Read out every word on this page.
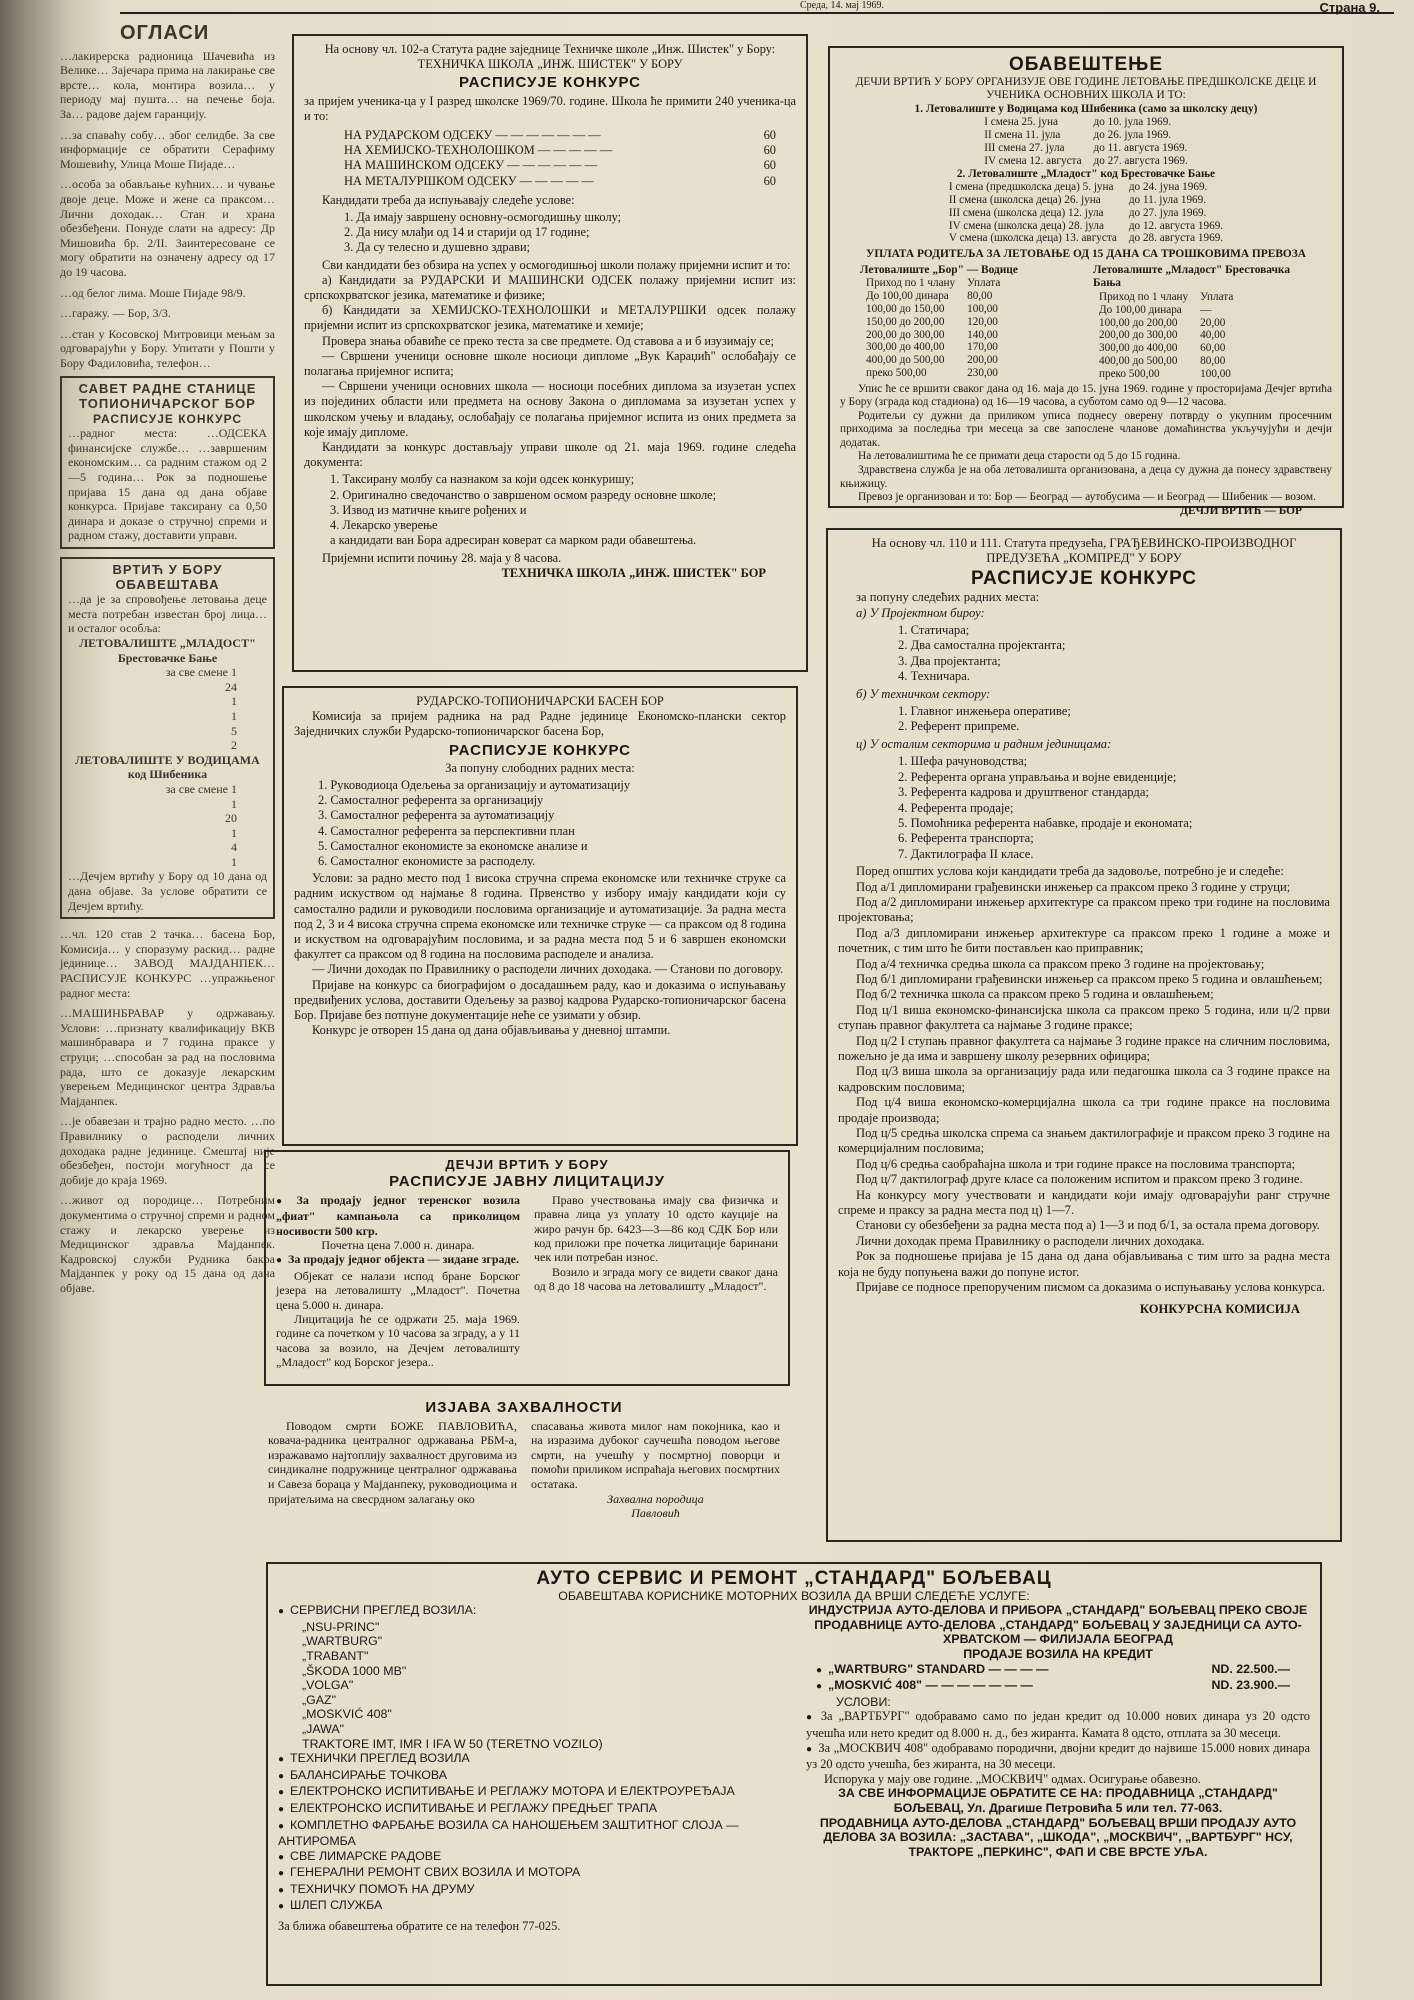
Среда, 14. мај 1969.	Страна 9.
ОГЛАСИ
…лакирерска радионица Шачевића из Велике… Зајечара прима на лакирање све врсте… кола, монтира возила… у периоду мај пушта… на печење боја. За… радове дајем гаранцију.
…за спаваћу собу… због селидбе. За све информације се обратити Серафиму Мошевићу, Улица Моше Пијаде…
…особа за обављање кућних… и чување двоје деце. Може и жене са праксом… Лични доходак… Стан и храна обезбеђени. Понуде слати на адресу: Др Мишовића бр. 2/II. Заинтересоване се могу обратити на означену адресу од 17 до 19 часова.
…од белог лима. Моше Пијаде 98/9.
…гаражу. — Бор, 3/3.
…стан у Косовској Митровици мењам за одговарајући у Бору. Упитати у Пошти у Бору Фадиловића, телефон…
САВЕТ РАДНЕ СТАНИЦЕ ТОПИОНИЧАРСКОГ БОР
РАСПИСУЈЕ КОНКУРС
…радног места: …ОДСЕКА финансијске службе… …завршеним економским… са радним стажом од 2—5 година… Рок за подношење пријава 15 дана од дана објаве конкурса. Пријаве таксирану са 0,50 динара и доказе о стручној спреми и радном стажу, доставити управи.
ВРТИЋ У БОРУ ОБАВЕШТАВА
…да је за спровођење летовања деце места потребан известан број лица… и осталог особља:
ЛЕТОВАЛИШТЕ „МЛАДОСТ" Брестовачке Бање
за све смене 1
24
1
1
5
2
ЛЕТОВАЛИШТЕ У ВОДИЦАМА код Шибеника
за све смене 1
1
20
1
4
1
…Дечјем вртићу у Бору од 10 дана од дана објаве. За услове обратити се Дечјем вртићу.
…чл. 120 став 2 тачка… басена Бор, Комисија… у споразуму раскид… радне јединице… ЗАВОД МАЈДАНПЕК… РАСПИСУЈЕ КОНКУРС …упражњеног радног места:
…МАШИНБРАВАР у одржавању. Услови: …признату квалификацију ВКВ машинбравара и 7 година праксе у струци; …способан за рад на пословима рада, што се доказује лекарским уверењем Медицинског центра Здравља Мајданпек.
…је обавезан и трајно радно место. …по Правилнику о расподели личних доходака радне јединице. Смештај није обезбеђен, постоји могућност да се добије до краја 1969.
…живот од породице… Потребним документима о стручној спреми и радном стажу и лекарско уверење из Медицинског здравља Мајданпек. Кадровској служби Рудника бакра Мајданпек у року од 15 дана од дана објаве.
На основу чл. 102-а Статута радне заједнице Техничке школе „Инж. Шистек" у Бору:
ТЕХНИЧКА ШКОЛА „ИНЖ. ШИСТЕК" У БОРУ
РАСПИСУЈЕ КОНКУРС
за пријем ученика-ца у I разред школске 1969/70. године. Школа ће примити 240 ученика-ца и то:
НА РУДАРСКОМ ОДСЕКУ — — — — — — —	60
НА ХЕМИЈСКО-ТЕХНОЛОШКОМ — — — — —	60
НА МАШИНСКОМ ОДСЕКУ — — — — — —	60
НА МЕТАЛУРШКОМ ОДСЕКУ — — — — —	60
Кандидати треба да испуњавају следеће услове:
1. Да имају завршену основну-осмогодишњу школу;
2. Да нису млађи од 14 и старији од 17 године;
3. Да су телесно и душевно здрави;
Сви кандидати без обзира на успех у осмогодишњој школи полажу пријемни испит и то:
а) Кандидати за РУДАРСКИ И МАШИНСКИ ОДСЕК полажу пријемни испит из: српскохрватског језика, математике и физике;
б) Кандидати за ХЕМИЈСКО-ТЕХНОЛОШКИ и МЕТАЛУРШКИ одсек полажу пријемни испит из српскохрватског језика, математике и хемије;
Провера знања обавиће се преко теста за све предмете. Од ставова а и б изузимају се;
— Свршени ученици основне школе носиоци дипломе „Вук Караџић" ослобађају се полагања пријемног испита;
— Свршени ученици основних школа — носиоци посебних диплома за изузетан успех из појединих области или предмета на основу Закона о дипломама за изузетан успех у школском учењу и владању, ослобађају се полагања пријемног испита из оних предмета за које имају дипломе.
Кандидати за конкурс достављају управи школе од 21. маја 1969. године следећа документа:
1. Таксирану молбу са назнаком за који одсек конкуришу;
2. Оригинално сведочанство о завршеном осмом разреду основне школе;
3. Извод из матичне књиге рођених и
4. Лекарско уверење
а кандидати ван Бора адресиран коверат са марком ради обавештења.
Пријемни испити почињу 28. маја у 8 часова.
ТЕХНИЧКА ШКОЛА „ИНЖ. ШИСТЕК" БОР
ОБАВЕШТЕЊЕ
ДЕЧЈИ ВРТИЋ У БОРУ ОРГАНИЗУЈЕ ОВЕ ГОДИНЕ ЛЕТОВАЊЕ ПРЕДШКОЛСКЕ ДЕЦЕ И УЧЕНИКА ОСНОВНИХ ШКОЛА И ТО:
1. Летовалиште у Водицама код Шибеника (само за школску децу)
I смена 25. јуна	до 10. јула 1969.
II смена 11. јула	до 26. јула 1969.
III смена 27. јула	до 11. августа 1969.
IV смена 12. августа	до 27. августа 1969.
2. Летовалиште „Младост" код Брестовачке Бање
I смена (предшколска деца) 5. јуна	до 24. јуна 1969.
II смена (школска деца) 26. јуна	до 11. јула 1969.
III смена (школска деца) 12. јула	до 27. јула 1969.
IV смена (школска деца) 28. јула	до 12. августа 1969.
V смена (школска деца) 13. августа	до 28. августа 1969.
УПЛАТА РОДИТЕЉА ЗА ЛЕТОВАЊЕ ОД 15 ДАНА СА ТРОШКОВИМА ПРЕВОЗА
Летовалиште „Бор" — Водице
Приход по 1 члану	Уплата
До 100,00 динара	80,00
100,00 до 150,00	100,00
150,00 до 200,00	120,00
200,00 до 300,00	140,00
300,00 до 400,00	170,00
400,00 до 500,00	200,00
преко 500,00	230,00
Летовалиште „Младост" Брестовачка Бања
Приход по 1 члану	Уплата
До 100,00 динара	—
100,00 до 200,00	20,00
200,00 до 300,00	40,00
300,00 до 400,00	60,00
400,00 до 500,00	80,00
преко 500,00	100,00
Упис ће се вршити сваког дана од 16. маја до 15. јуна 1969. године у просторијама Дечјег вртића у Бору (зграда код стадиона) од 16—19 часова, а суботом само од 9—12 часова.
Родитељи су дужни да приликом уписа поднесу оверену потврду о укупним просечним приходима за последња три месеца за све запослене чланове домаћинства укључујући и дечји додатак.
На летовалиштима ће се примати деца старости од 5 до 15 година.
Здравствена служба је на оба летовалишта организована, а деца су дужна да понесу здравствену књижицу.
Превоз је организован и то: Бор — Београд — аутобусима — и Београд — Шибеник — возом.
ДЕЧЈИ ВРТИЋ — БОР
РУДАРСКО-ТОПИОНИЧАРСКИ БАСЕН БОР
Комисија за пријем радника на рад Радне јединице Економско-плански сектор Заједничких служби Рударско-топионичарског басена Бор,
РАСПИСУЈЕ КОНКУРС
За попуну слободних радних места:
1. Руководиоца Одељења за организацију и аутоматизацију
2. Самосталног референта за организацију
3. Самосталног референта за аутоматизацију
4. Самосталног референта за перспективни план
5. Самосталног економисте за економске анализе и
6. Самосталног економисте за расподелу.
Услови: за радно место под 1 висока стручна спрема економске или техничке струке са радним искуством од најмање 8 година. Првенство у избору имају кандидати који су самостално радили и руководили пословима организације и аутоматизације. За радна места под 2, 3 и 4 висока стручна спрема економске или техничке струке — са праксом од 8 година и искуством на одговарајућим пословима, и за радна места под 5 и 6 завршен економски факултет са праксом од 8 година на пословима расподеле и анализа.
— Лични доходак по Правилнику о расподели личних доходака. — Станови по договору.
Пријаве на конкурс са биографијом о досадашњем раду, као и доказима о испуњавању предвиђених услова, доставити Одељењу за развој кадрова Рударско-топионичарског басена Бор. Пријаве без потпуне документације неће се узимати у обзир.
Конкурс је отворен 15 дана од дана објављивања у дневној штампи.
ДЕЧЈИ ВРТИЋ У БОРУ
РАСПИСУЈЕ ЈАВНУ ЛИЦИТАЦИЈУ
● За продају једног теренског возила „фиат" кампањола са приколицом носивости 500 кгр.
Почетна цена 7.000 н. динара.
● За продају једног објекта — зидане зграде.
Објекат се налази испод бране Борског језера на летовалишту „Младост". Почетна цена 5.000 н. динара.
Лицитација ће се одржати 25. маја 1969. године са почетком у 10 часова за зграду, а у 11 часова за возило, на Дечјем летовалишту „Младост" код Борског језера..
Право учествовања имају сва физичка и правна лица уз уплату 10 одсто кауције на жиро рачун бр. 6423—3—86 код СДК Бор или код приложи пре почетка лицитације баринани чек или потребан износ.
Возило и зграда могу се видети сваког дана од 8 до 18 часова на летовалишту „Младост".
ИЗЈАВА ЗАХВАЛНОСТИ
Поводом смрти БОЖЕ ПАВЛОВИЋА, ковача-радника централног одржавања РБМ-а, изражавамо најтоплију захвалност друговима из синдикалне подружнице централног одржавања и Савеза бораца у Мајданпеку, руководиоцима и пријатељима на свесрдном залагању око
спасавања живота милог нам покојника, као и на изразима дубоког саучешћа поводом његове смрти, на учешћу у посмртној поворци и помоћи приликом испраћаја његових посмртних остатака.
Захвална породица
Павловић
На основу чл. 110 и 111. Статута предузећа, ГРАЂЕВИНСКО-ПРОИЗВОДНОГ ПРЕДУЗЕЋА „КОМПРЕД" У БОРУ
РАСПИСУЈЕ КОНКУРС
за попуну следећих радних места:
а) У Пројектном бироу:
1. Статичара;
2. Два самостална пројектанта;
3. Два пројектанта;
4. Техничара.
б) У техничком сектору:
1. Главног инжењера оперативе;
2. Референт припреме.
ц) У осталим секторима и радним јединицама:
1. Шефа рачуноводства;
2. Референта органа управљања и војне евиденције;
3. Референта кадрова и друштвеног стандарда;
4. Референта продаје;
5. Помоћника референта набавке, продаје и економата;
6. Референта транспорта;
7. Дактилографа II класе.
Поред општих услова који кандидати треба да задовоље, потребно је и следеће:
Под а/1 дипломирани грађевински инжењер са праксом преко 3 године у струци;
Под а/2 дипломирани инжењер архитектуре са праксом преко три године на пословима пројектовања;
Под а/3 дипломирани инжењер архитектуре са праксом преко 1 године а може и почетник, с тим што ће бити постављен као приправник;
Под а/4 техничка средња школа са праксом преко 3 године на пројектовању;
Под б/1 дипломирани грађевински инжењер са праксом преко 5 година и овлашћењем;
Под б/2 техничка школа са праксом преко 5 година и овлашћењем;
Под ц/1 виша економско-финансијска школа са праксом преко 5 година, или ц/2 први ступањ правног факултета са најмање 3 године праксе;
Под ц/2 I ступањ правног факултета са најмање 3 године праксе на сличним пословима, пожељно је да има и завршену школу резервних официра;
Под ц/3 виша школа за организацију рада или педагошка школа са 3 године праксе на кадровским пословима;
Под ц/4 виша економско-комерцијална школа са три године праксе на пословима продаје производа;
Под ц/5 средња школска спрема са знањем дактилографије и праксом преко 3 године на комерцијалним пословима;
Под ц/6 средња саобраћајна школа и три године праксе на пословима транспорта;
Под ц/7 дактилограф друге класе са положеним испитом и праксом преко 3 године.
На конкурсу могу учествовати и кандидати који имају одговарајући ранг стручне спреме и праксу за радна места под ц) 1—7.
Станови су обезбеђени за радна места под а) 1—3 и под б/1, за остала према договору.
Лични доходак према Правилнику о расподели личних доходака.
Рок за подношење пријава је 15 дана од дана објављивања с тим што за радна места која не буду попуњена важи до попуне истог.
Пријаве се подносе препорученим писмом са доказима о испуњавању услова конкурса.
КОНКУРСНА КОМИСИЈА
АУТО СЕРВИС И РЕМОНТ „СТАНДАРД" БОЉЕВАЦ
ОБАВЕШТАВА КОРИСНИКЕ МОТОРНИХ ВОЗИЛА ДА ВРШИ СЛЕДЕЋЕ УСЛУГЕ:
● СЕРВИСНИ ПРЕГЛЕД ВОЗИЛА:
„NSU-PRINC"
„WARTBURG"
„TRABANT"
„ŠKODA 1000 MB"
„VOLGA"
„GAZ"
„MOSKVIĆ 408"
„JAWA"
TRAKTORE IMT, IMR I IFA W 50 (TERETNO VOZILO)
● ТЕХНИЧКИ ПРЕГЛЕД ВОЗИЛА
● БАЛАНСИРАЊЕ ТОЧКОВА
● ЕЛЕКТРОНСКО ИСПИТИВАЊЕ И РЕГЛАЖУ МОТОРА И ЕЛЕКТРОУРЕЂАЈА
● ЕЛЕКТРОНСКО ИСПИТИВАЊЕ И РЕГЛАЖУ ПРЕДЊЕГ ТРАПА
● КОМПЛЕТНО ФАРБАЊЕ ВОЗИЛА СА НАНОШЕЊЕМ ЗАШТИТНОГ СЛОЈА — АНТИРОМБА
● СВЕ ЛИМАРСКЕ РАДОВЕ
● ГЕНЕРАЛНИ РЕМОНТ СВИХ ВОЗИЛА И МОТОРА
● ТЕХНИЧКУ ПОМОЋ НА ДРУМУ
● ШЛЕП СЛУЖБА
За ближа обавештења обратите се на телефон 77-025.
ИНДУСТРИЈА АУТО-ДЕЛОВА И ПРИБОРА „СТАНДАРД" БОЉЕВАЦ ПРЕКО СВОЈЕ ПРОДАВНИЦЕ АУТО-ДЕЛОВА „СТАНДАРД" БОЉЕВАЦ У ЗАЈЕДНИЦИ СА АУТО-ХРВАТСКОМ — ФИЛИЈАЛА БЕОГРАД
ПРОДАЈЕ ВОЗИЛА НА КРЕДИТ
● „WARTBURG" STANDARD — — — —	ND. 22.500.—
● „MOSKVIĆ 408" — — — — — — —	ND. 23.900.—
УСЛОВИ:
● За „ВАРТБУРГ" одобравамо само по један кредит од 10.000 нових динара уз 20 одсто учешћа или нето кредит од 8.000 н. д., без жиранта. Камата 8 одсто, отплата за 30 месеци.
● За „МОСКВИЧ 408" одобравамо породични, двојни кредит до највише 15.000 нових динара уз 20 одсто учешћа, без жиранта, на 30 месеци.
Испорука у мају ове године. „МОСКВИЧ" одмах. Осигурање обавезно.
ЗА СВЕ ИНФОРМАЦИЈЕ ОБРАТИТЕ СЕ НА: ПРОДАВНИЦА „СТАНДАРД" БОЉЕВАЦ, Ул. Драгише Петровића 5 или тел. 77-063.
ПРОДАВНИЦА АУТО-ДЕЛОВА „СТАНДАРД" БОЉЕВАЦ ВРШИ ПРОДАЈУ АУТО ДЕЛОВА ЗА ВОЗИЛА: „ЗАСТАВА", „ШКОДА", „МОСКВИЧ", „ВАРТБУРГ" НСУ, ТРАКТОРЕ „ПЕРКИНС", ФАП И СВЕ ВРСТЕ УЉА.
